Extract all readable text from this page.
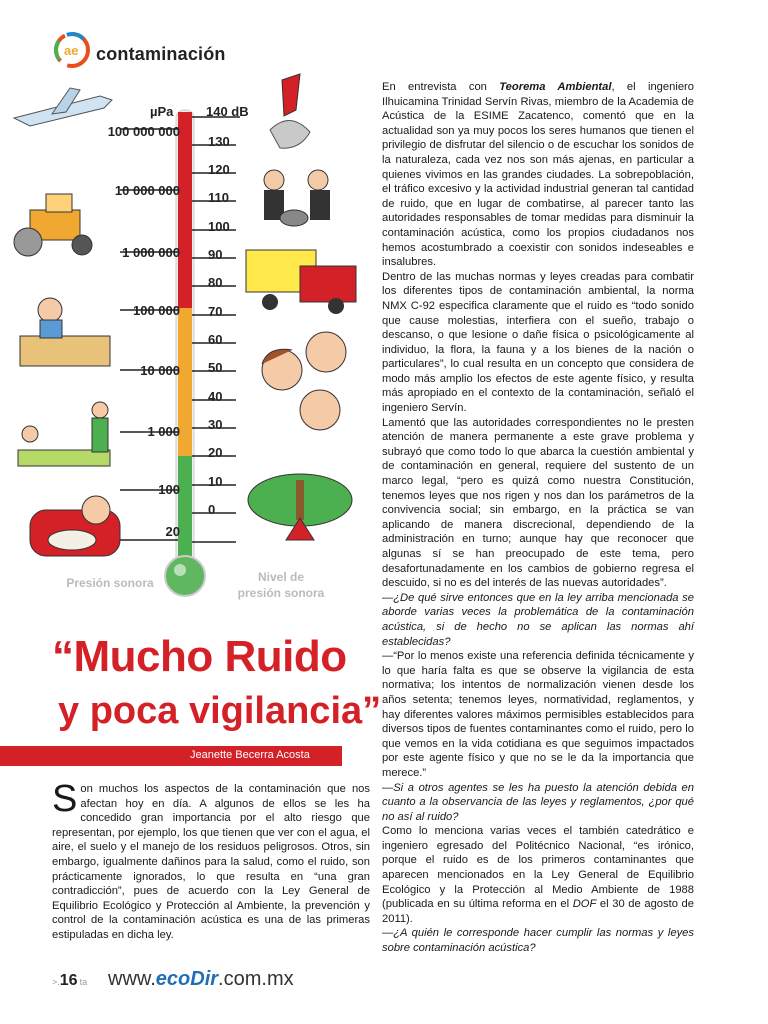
ae contaminación
µPa	140 dB
100 000 000
10 000 000
1 000 000
100 000
10 000
1 000
100
20
130
120
110
100
90
80
70
60
50
40
30
20
10
0
Presión sonora	Nivel de
presión sonora
“Mucho Ruido
y poca vigilancia”
Jeanette Becerra Acosta

Son muchos los aspectos de la contaminación que nos afectan hoy en día. A algunos de ellos se les ha concedido gran importancia por el alto riesgo que representan, por ejemplo, los que tienen que ver con el agua, el aire, el suelo y el manejo de los residuos peligrosos. Otros, sin embargo, igualmente dañinos para la salud, como el ruido, son prácticamente ignorados, lo que resulta en “una gran contradicción”, pues de acuerdo con la Ley General de Equilibrio Ecológico y Protección al Ambiente, la prevención y control de la contaminación acústica es una de las primeras estipuladas en dicha ley.

En entrevista con Teorema Ambiental, el ingeniero Ilhuicamina Trinidad Servín Rivas, miembro de la Academia de Acústica de la ESIME Zacatenco, comentó que en la actualidad son ya muy pocos los seres humanos que tienen el privilegio de disfrutar del silencio o de escuchar los sonidos de la naturaleza, cada vez nos son más ajenas, en particular a quienes vivimos en las grandes ciudades. La sobrepoblación, el tráfico excesivo y la actividad industrial generan tal cantidad de ruido, que en lugar de combatirse, al parecer tanto las autoridades responsables de tomar medidas para disminuir la contaminación acústica, como los propios ciudadanos nos hemos acostumbrado a coexistir con sonidos indeseables e insalubres.

Dentro de las muchas normas y leyes creadas para combatir los diferentes tipos de contaminación ambiental, la norma NMX C-92 especifica claramente que el ruido es “todo sonido que cause molestias, interfiera con el sueño, trabajo o descanso, o que lesione o dañe física o psicológicamente al individuo, la flora, la fauna y a los bienes de la nación o particulares”, lo cual resulta en un concepto que considera de modo más amplio los efectos de este agente físico, y resulta más apropiado en el contexto de la contaminación, señaló el ingeniero Servín.

Lamentó que las autoridades correspondientes no le presten atención de manera permanente a este grave problema y subrayó que como todo lo que abarca la cuestión ambiental y de contaminación en general, requiere del sustento de un marco legal, “pero es quizá como nuestra Constitución, tenemos leyes que nos rigen y nos dan los parámetros de la convivencia social; sin embargo, en la práctica se van aplicando de manera discrecional, dependiendo de la administración en turno; aunque hay que reconocer que algunas sí se han preocupado de este tema, pero desafortunadamente en los cambios de gobierno regresa el descuido, si no es del interés de las nuevas autoridades”.

—¿De qué sirve entonces que en la ley arriba mencionada se aborde varias veces la problemática de la contaminación acústica, si de hecho no se aplican las normas ahí establecidas?

—“Por lo menos existe una referencia definida técnicamente y lo que haría falta es que se observe la vigilancia de esta normativa; los intentos de normalización vienen desde los años setenta; tenemos leyes, normatividad, reglamentos, y hay diferentes valores máximos permisibles establecidos para diversos tipos de fuentes contaminantes como el ruido, pero lo que vemos en la vida cotidiana es que seguimos impactados por este agente físico y que no se le da la importancia que merece.”

—Si a otros agentes se les ha puesto la atención debida en cuanto a la observancia de las leyes y reglamentos, ¿por qué no así al ruido?

Como lo menciona varias veces el también catedrático e ingeniero egresado del Politécnico Nacional, “es irónico, porque el ruido es de los primeros contaminantes que aparecen mencionados en la Ley General de Equilibrio Ecológico y la Protección al Medio Ambiente de 1988 (publicada en su última reforma en el DOF el 30 de agosto de 2011).

—¿A quién le corresponde hacer cumplir las normas y leyes sobre contaminación acústica?

>.16 ta www.ecoDir.com.mx
